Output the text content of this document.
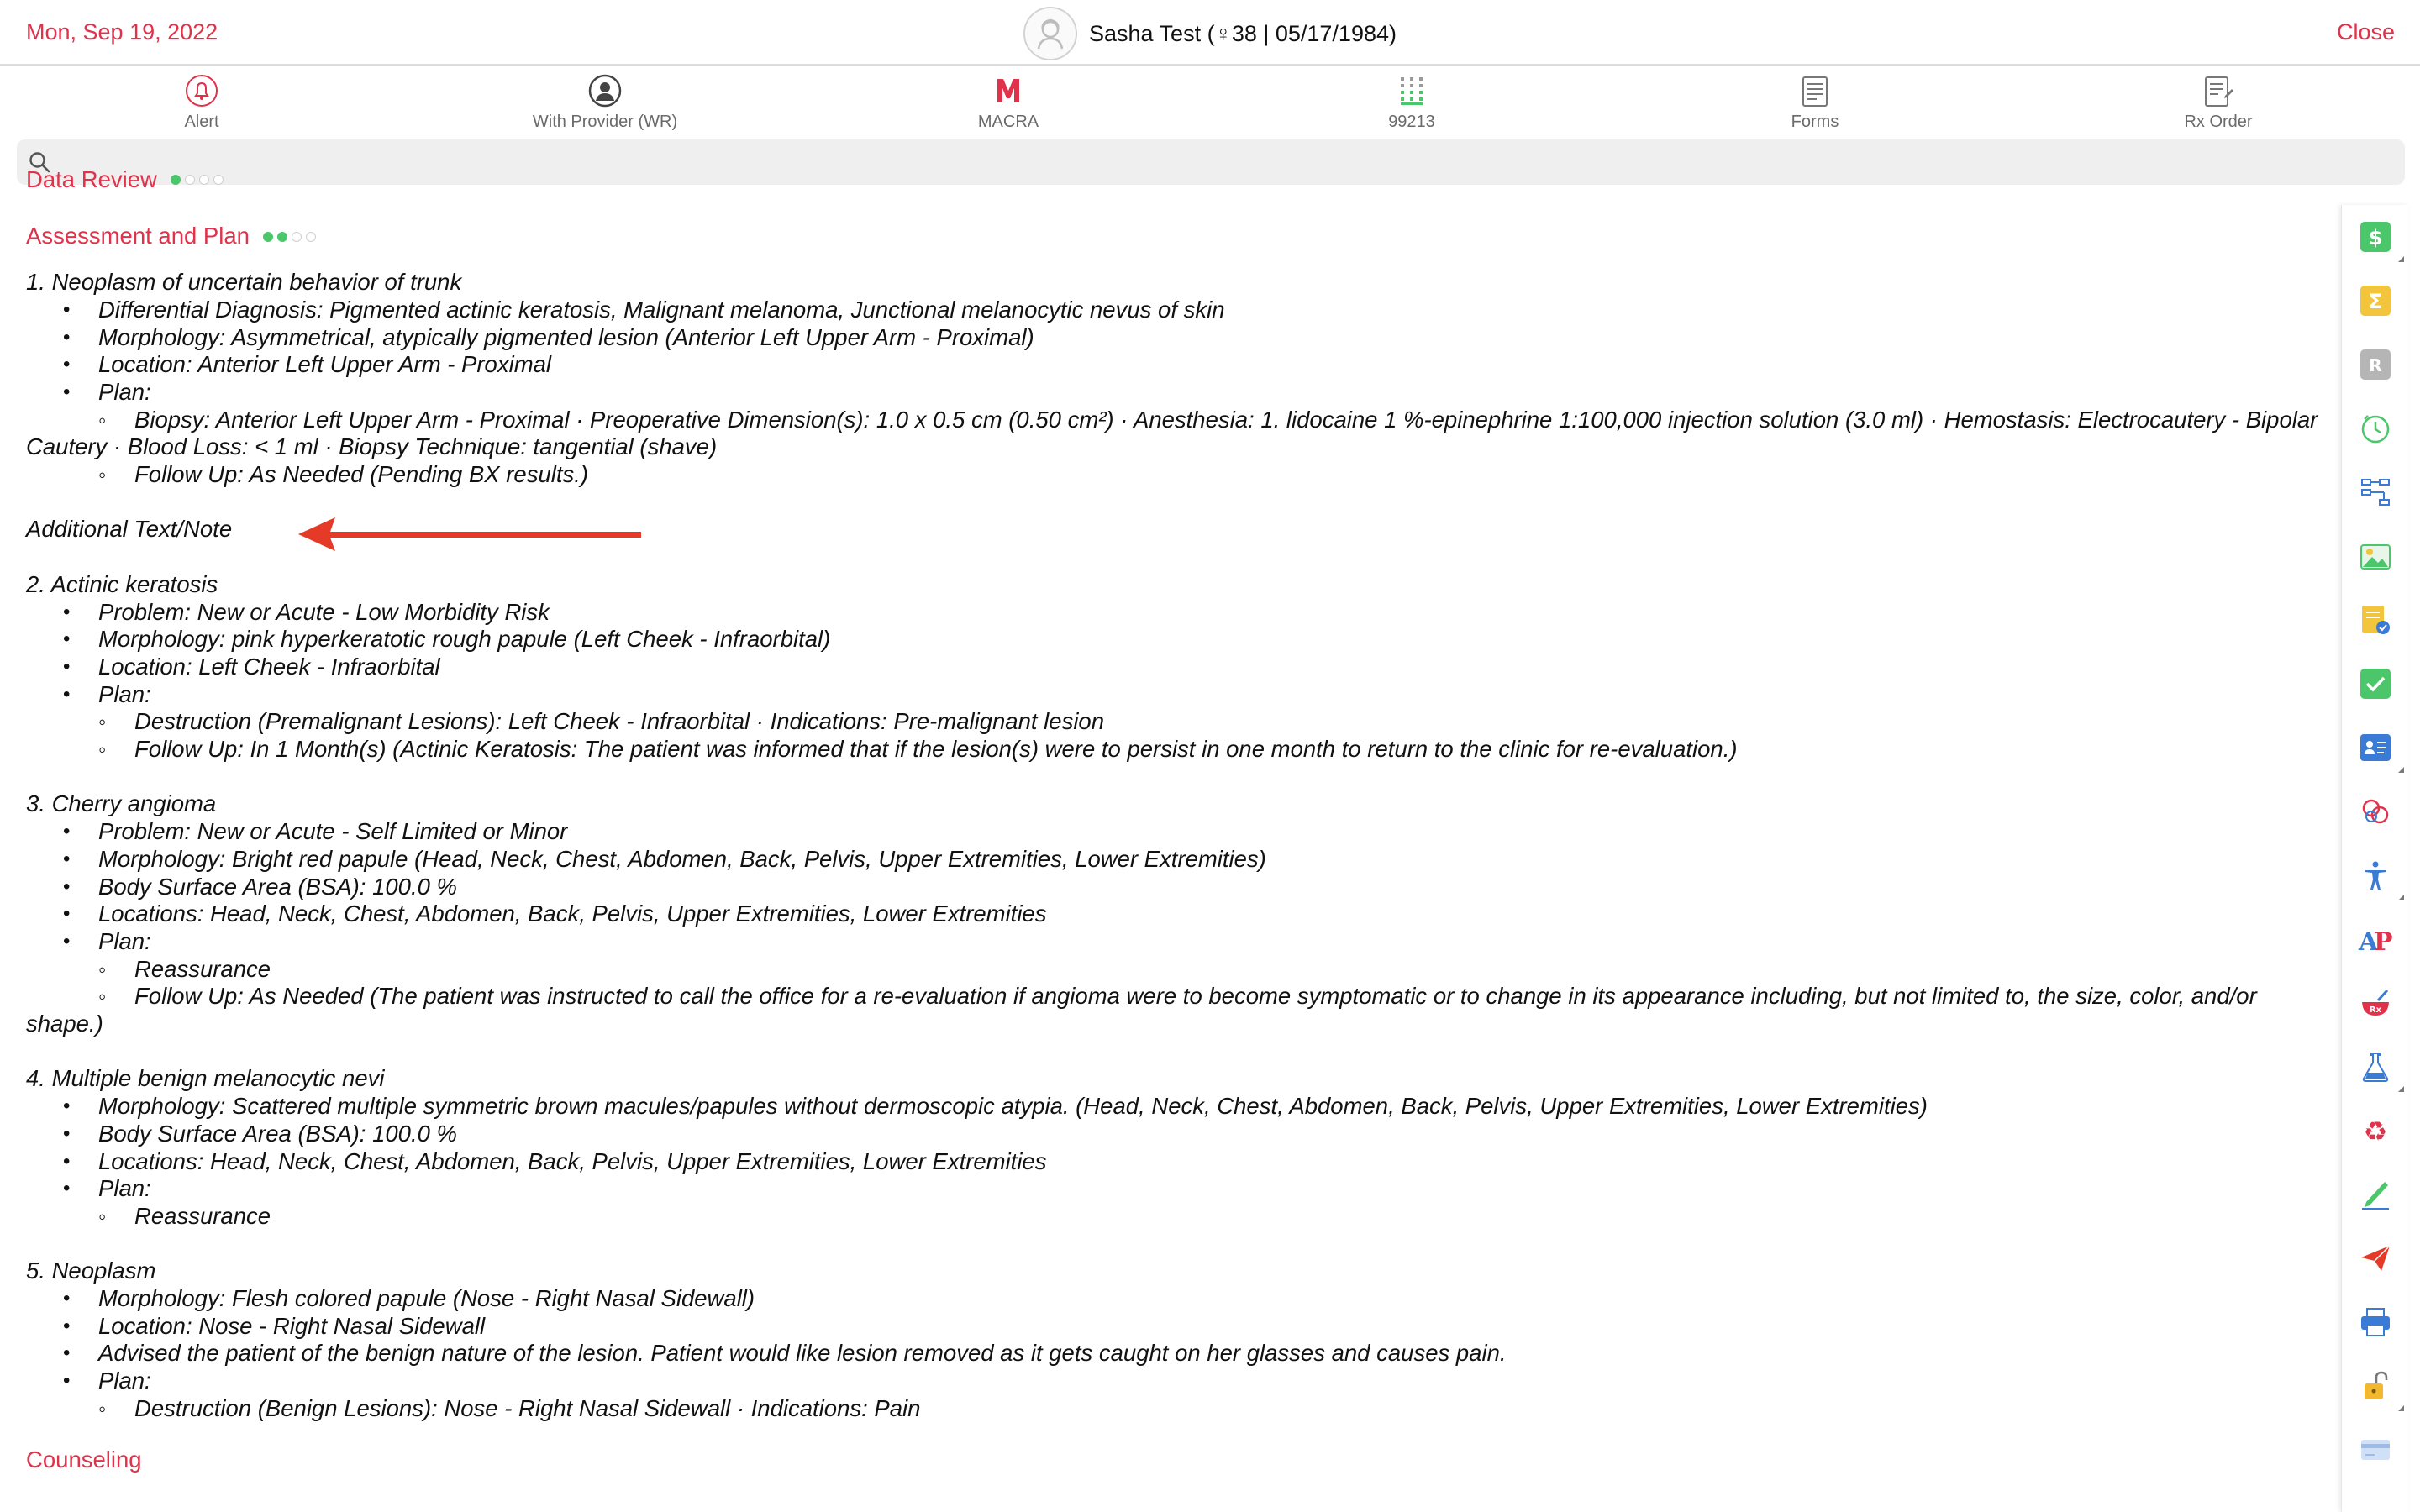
Mon, Sep 19, 2022	Sasha Test (♀38 | 05/17/1984)	Close
Alert	With Provider (WR)	MACRA	99213	Forms	Rx Order
Data Review
Assessment and Plan
1. Neoplasm of uncertain behavior of trunk
• Differential Diagnosis: Pigmented actinic keratosis, Malignant melanoma, Junctional melanocytic nevus of skin
• Morphology: Asymmetrical, atypically pigmented lesion (Anterior Left Upper Arm - Proximal)
• Location: Anterior Left Upper Arm - Proximal
• Plan:
◦ Biopsy: Anterior Left Upper Arm - Proximal · Preoperative Dimension(s): 1.0 x 0.5 cm (0.50 cm²) · Anesthesia: 1. lidocaine 1 %-epinephrine 1:100,000 injection solution (3.0 ml) · Hemostasis: Electrocautery - Bipolar Cautery · Blood Loss: < 1 ml · Biopsy Technique: tangential (shave)
◦ Follow Up: As Needed (Pending BX results.)
Additional Text/Note
2. Actinic keratosis
• Problem: New or Acute - Low Morbidity Risk
• Morphology: pink hyperkeratotic rough papule (Left Cheek - Infraorbital)
• Location: Left Cheek - Infraorbital
• Plan:
◦ Destruction (Premalignant Lesions): Left Cheek - Infraorbital · Indications: Pre-malignant lesion
◦ Follow Up: In 1 Month(s) (Actinic Keratosis: The patient was informed that if the lesion(s) were to persist in one month to return to the clinic for re-evaluation.)
3. Cherry angioma
• Problem: New or Acute - Self Limited or Minor
• Morphology: Bright red papule (Head, Neck, Chest, Abdomen, Back, Pelvis, Upper Extremities, Lower Extremities)
• Body Surface Area (BSA): 100.0 %
• Locations: Head, Neck, Chest, Abdomen, Back, Pelvis, Upper Extremities, Lower Extremities
• Plan:
◦ Reassurance
◦ Follow Up: As Needed (The patient was instructed to call the office for a re-evaluation if angioma were to become symptomatic or to change in its appearance including, but not limited to, the size, color, and/or shape.)
4. Multiple benign melanocytic nevi
• Morphology: Scattered multiple symmetric brown macules/papules without dermoscopic atypia. (Head, Neck, Chest, Abdomen, Back, Pelvis, Upper Extremities, Lower Extremities)
• Body Surface Area (BSA): 100.0 %
• Locations: Head, Neck, Chest, Abdomen, Back, Pelvis, Upper Extremities, Lower Extremities
• Plan:
◦ Reassurance
5. Neoplasm
• Morphology: Flesh colored papule (Nose - Right Nasal Sidewall)
• Location: Nose - Right Nasal Sidewall
• Advised the patient of the benign nature of the lesion. Patient would like lesion removed as it gets caught on her glasses and causes pain.
• Plan:
◦ Destruction (Benign Lesions): Nose - Right Nasal Sidewall · Indications: Pain
Counseling
$
Σ
R
A
P
Rx
♻
